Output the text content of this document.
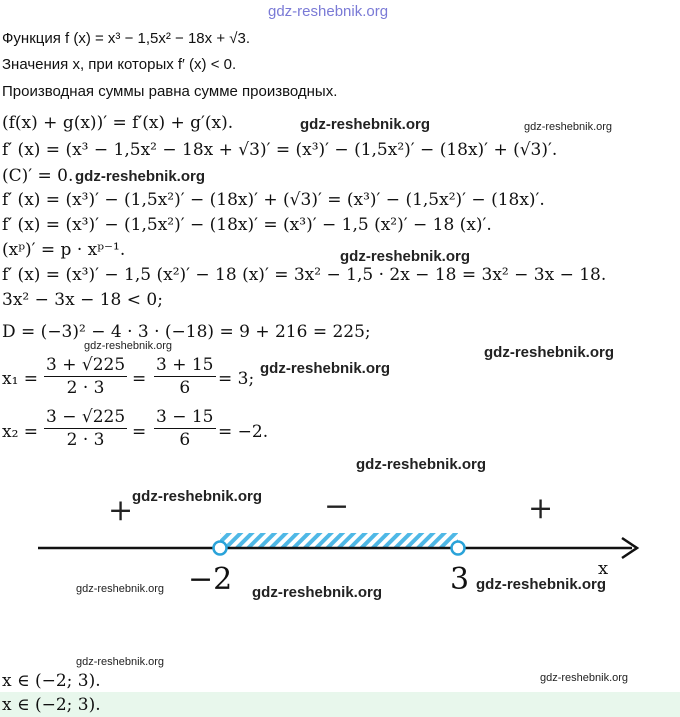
gdz-reshebnik.org
Функция f (x) = x³ − 1,5x² − 18x + √3.
Значения x, при которых f′ (x) < 0.
Производная суммы равна сумме производных.
(f(x) + g(x))′ = f′(x) + g′(x).
f′ (x) = (x³ − 1,5x² − 18x + √3)′ = (x³)′ − (1,5x²)′ − (18x)′ + (√3)′.
(C)′ = 0.
f′ (x) = (x³)′ − (1,5x²)′ − (18x)′ + (√3)′ = (x³)′ − (1,5x²)′ − (18x)′.
f′ (x) = (x³)′ − (1,5x²)′ − (18x)′ = (x³)′ − 1,5 (x²)′ − 18 (x)′.
(xᵖ)′ = p · xᵖ⁻¹.
f′ (x) = (x³)′ − 1,5 (x²)′ − 18 (x)′ = 3x² − 1,5 · 2x − 18 = 3x² − 3x − 18.
3x² − 3x − 18 < 0;
D = (−3)² − 4 · 3 · (−18) = 9 + 216 = 225;
$x_1 = \frac{3 + √225}{2 \cdot 3} = \frac{3 + 15}{6} = 3$;
$x_2 = \frac{3 - √225}{2 \cdot 3} = \frac{3 - 15}{6} = -2$.
+	−	+
−2	3	x
x ∈ (−2; 3).
x ∈ (−2; 3).
gdz-reshebnik.org	gdz-reshebnik.org
gdz-reshebnik.org
gdz-reshebnik.org
gdz-reshebnik.org	gdz-reshebnik.org
gdz-reshebnik.org
gdz-reshebnik.org
gdz-reshebnik.org
gdz-reshebnik.org	gdz-reshebnik.org	gdz-reshebnik.org
gdz-reshebnik.org
gdz-reshebnik.org
